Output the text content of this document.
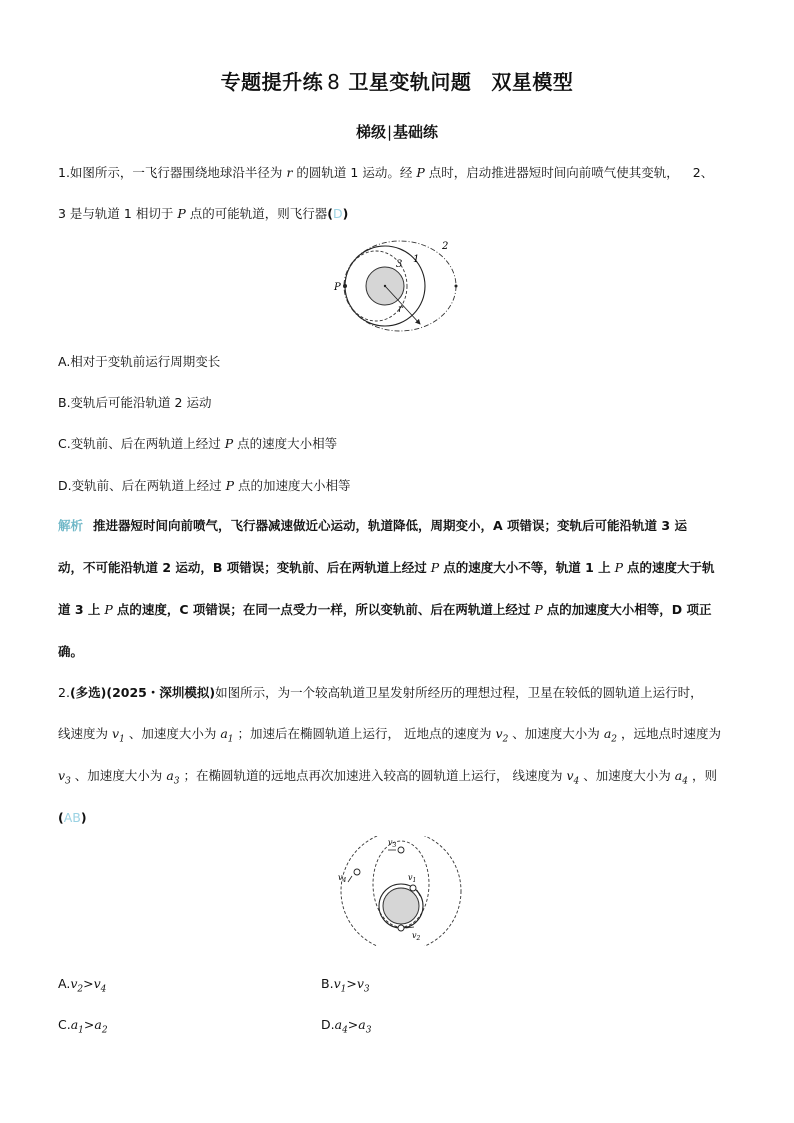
专题提升练 8 卫星变轨问题 双星模型
梯级|基础练
1.如图所示，一飞行器围绕地球沿半径为 r 的圆轨道 1 运动。经 P 点时，启动推进器短时间向前喷气使其变轨， 2、
3 是与轨道 1 相切于 P 点的可能轨道，则飞行器(D)
P
r
1
2
3
A.相对于变轨前运行周期变长
B.变轨后可能沿轨道 2 运动
C.变轨前、后在两轨道上经过 P 点的速度大小相等
D.变轨前、后在两轨道上经过 P 点的加速度大小相等
解析 推进器短时间向前喷气，飞行器减速做近心运动，轨道降低，周期变小，A 项错误；变轨后可能沿轨道 3 运
动，不可能沿轨道 2 运动，B 项错误；变轨前、后在两轨道上经过 P 点的速度大小不等，轨道 1 上 P 点的速度大于轨
道 3 上 P 点的速度，C 项错误；在同一点受力一样，所以变轨前、后在两轨道上经过 P 点的加速度大小相等，D 项正
确。
2.(多选)(2025・深圳模拟)如图所示，为一个较高轨道卫星发射所经历的理想过程，卫星在较低的圆轨道上运行时，
线速度为 $v_1$ 、加速度大小为 $a_1$ ；加速后在椭圆轨道上运行， 近地点的速度为 $v_2$ 、加速度大小为 $a_2$ ，远地点时速度为
$v_3$ 、加速度大小为 $a_3$ ；在椭圆轨道的远地点再次加速进入较高的圆轨道上运行， 线速度为 $v_4$ 、加速度大小为 $a_4$ ，则
(AB)
$v_4$
$v_3$
$v_1$
$v_2$
$A.v_2>v_4$	$B.v_1>v_3$
$C.a_1>a_2$	$D.a_4>a_3$
